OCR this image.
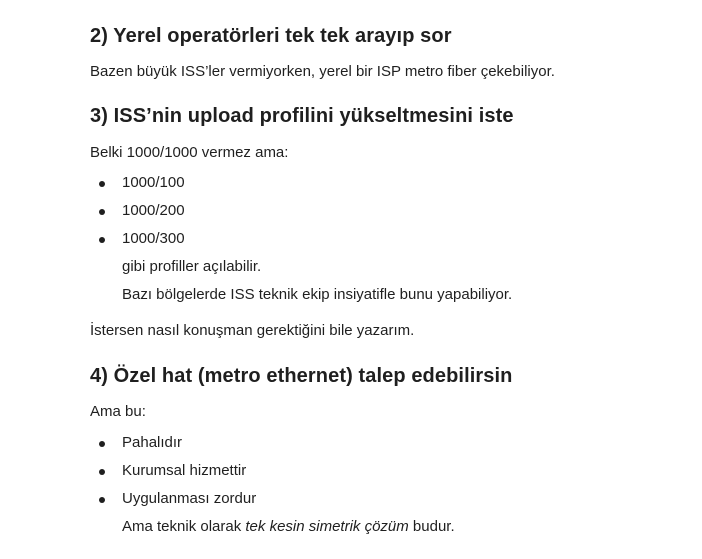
2) Yerel operatörleri tek tek arayıp sor

Bazen büyük ISS’ler vermiyorken, yerel bir ISP metro fiber çekebiliyor.

3) ISS’nin upload profilini yükseltmesini iste

Belki 1000/1000 vermez ama:

1000/100
1000/200
1000/300
gibi profiller açılabilir.
Bazı bölgelerde ISS teknik ekip insiyatifle bunu yapabiliyor.

İstersen nasıl konuşman gerektiğini bile yazarım.

4) Özel hat (metro ethernet) talep edebilirsin

Ama bu:

Pahalıdır
Kurumsal hizmettir
Uygulanması zordur
Ama teknik olarak tek kesin simetrik çözüm budur.
